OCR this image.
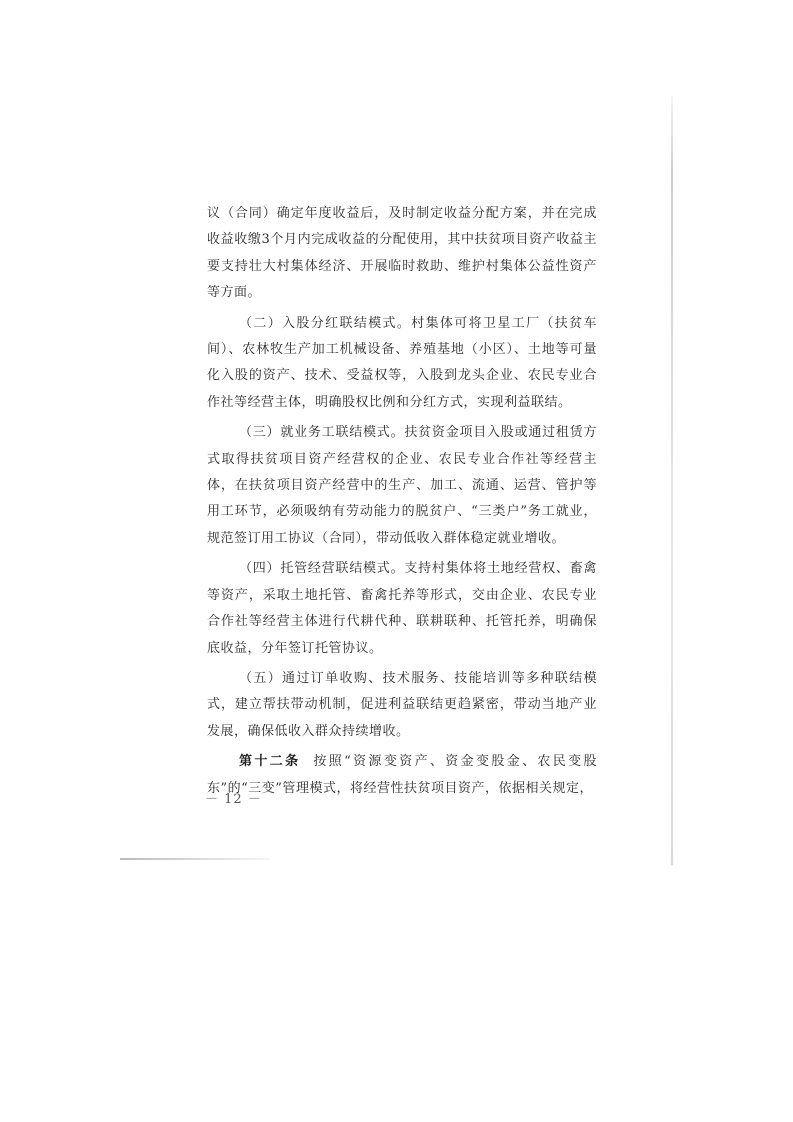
议（合同）确定年度收益后，及时制定收益分配方案，并在完成收益收缴3个月内完成收益的分配使用，其中扶贫项目资产收益主要支持壮大村集体经济、开展临时救助、维护村集体公益性资产等方面。

（二）入股分红联结模式。村集体可将卫星工厂（扶贫车间）、农林牧生产加工机械设备、养殖基地（小区）、土地等可量化入股的资产、技术、受益权等，入股到龙头企业、农民专业合作社等经营主体，明确股权比例和分红方式，实现利益联结。

（三）就业务工联结模式。扶贫资金项目入股或通过租赁方式取得扶贫项目资产经营权的企业、农民专业合作社等经营主体，在扶贫项目资产经营中的生产、加工、流通、运营、管护等用工环节，必须吸纳有劳动能力的脱贫户、“三类户”务工就业，规范签订用工协议（合同），带动低收入群体稳定就业增收。

（四）托管经营联结模式。支持村集体将土地经营权、畜禽等资产，采取土地托管、畜禽托养等形式，交由企业、农民专业合作社等经营主体进行代耕代种、联耕联种、托管托养，明确保底收益，分年签订托管协议。

（五）通过订单收购、技术服务、技能培训等多种联结模式，建立帮扶带动机制，促进利益联结更趋紧密，带动当地产业发展，确保低收入群众持续增收。

第十二条 按照“资源变资产、资金变股金、农民变股东”的“三变”管理模式，将经营性扶贫项目资产，依据相关规定，

－ 12 －
